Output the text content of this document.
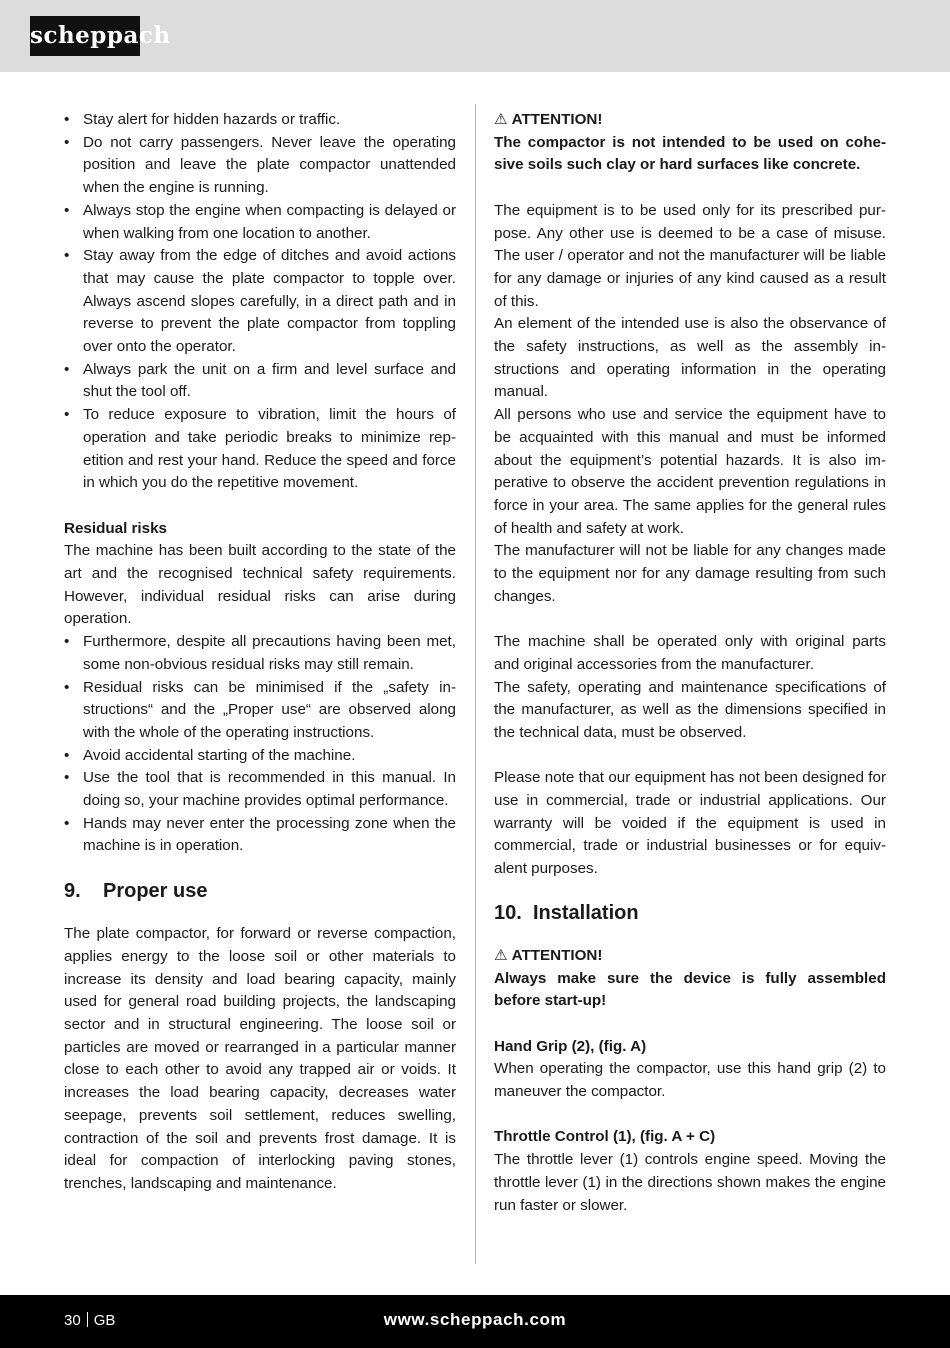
scheppach
• Stay alert for hidden hazards or traffic.
• Do not carry passengers. Never leave the operating position and leave the plate compactor unattended when the engine is running.
• Always stop the engine when compacting is delayed or when walking from one location to another.
• Stay away from the edge of ditches and avoid actions that may cause the plate compactor to topple over. Always ascend slopes carefully, in a direct path and in reverse to prevent the plate compactor from toppling over onto the operator.
• Always park the unit on a firm and level surface and shut the tool off.
• To reduce exposure to vibration, limit the hours of operation and take periodic breaks to minimize repetition and rest your hand. Reduce the speed and force in which you do the repetitive movement.

Residual risks

The machine has been built according to the state of the art and the recognised technical safety requirements. However, individual residual risks can arise during operation.

• Furthermore, despite all precautions having been met, some non-obvious residual risks may still remain.
• Residual risks can be minimised if the „safety instructions“ and the „Proper use“ are observed along with the whole of the operating instructions.
• Avoid accidental starting of the machine.
• Use the tool that is recommended in this manual. In doing so, your machine provides optimal performance.
• Hands may never enter the processing zone when the machine is in operation.
9. Proper use

The plate compactor, for forward or reverse compaction, applies energy to the loose soil or other materials to increase its density and load bearing capacity, mainly used for general road building projects, the landscaping sector and in structural engineering. The loose soil or particles are moved or rearranged in a particular manner close to each other to avoid any trapped air or voids. It increases the load bearing capacity, decreases water seepage, prevents soil settlement, reduces swelling, contraction of the soil and prevents frost damage. It is ideal for compaction of interlocking paving stones, trenches, landscaping and maintenance.

⚠ ATTENTION!

The compactor is not intended to be used on cohesive soils such clay or hard surfaces like concrete.

The equipment is to be used only for its prescribed purpose. Any other use is deemed to be a case of misuse. The user / operator and not the manufacturer will be liable for any damage or injuries of any kind caused as a result of this.

An element of the intended use is also the observance of the safety instructions, as well as the assembly instructions and operating information in the operating manual.

All persons who use and service the equipment have to be acquainted with this manual and must be informed about the equipment’s potential hazards. It is also imperative to observe the accident prevention regulations in force in your area. The same applies for the general rules of health and safety at work.

The manufacturer will not be liable for any changes made to the equipment nor for any damage resulting from such changes.

The machine shall be operated only with original parts and original accessories from the manufacturer.

The safety, operating and maintenance specifications of the manufacturer, as well as the dimensions specified in the technical data, must be observed.

Please note that our equipment has not been designed for use in commercial, trade or industrial applications. Our warranty will be voided if the equipment is used in commercial, trade or industrial businesses or for equivalent purposes.

10. Installation

⚠ ATTENTION!

Always make sure the device is fully assembled before start-up!

Hand Grip (2), (fig. A)

When operating the compactor, use this hand grip (2) to maneuver the compactor.

Throttle Control (1), (fig. A + C)

The throttle lever (1) controls engine speed. Moving the throttle lever (1) in the directions shown makes the engine run faster or slower.

30 GB	www.scheppach.com
